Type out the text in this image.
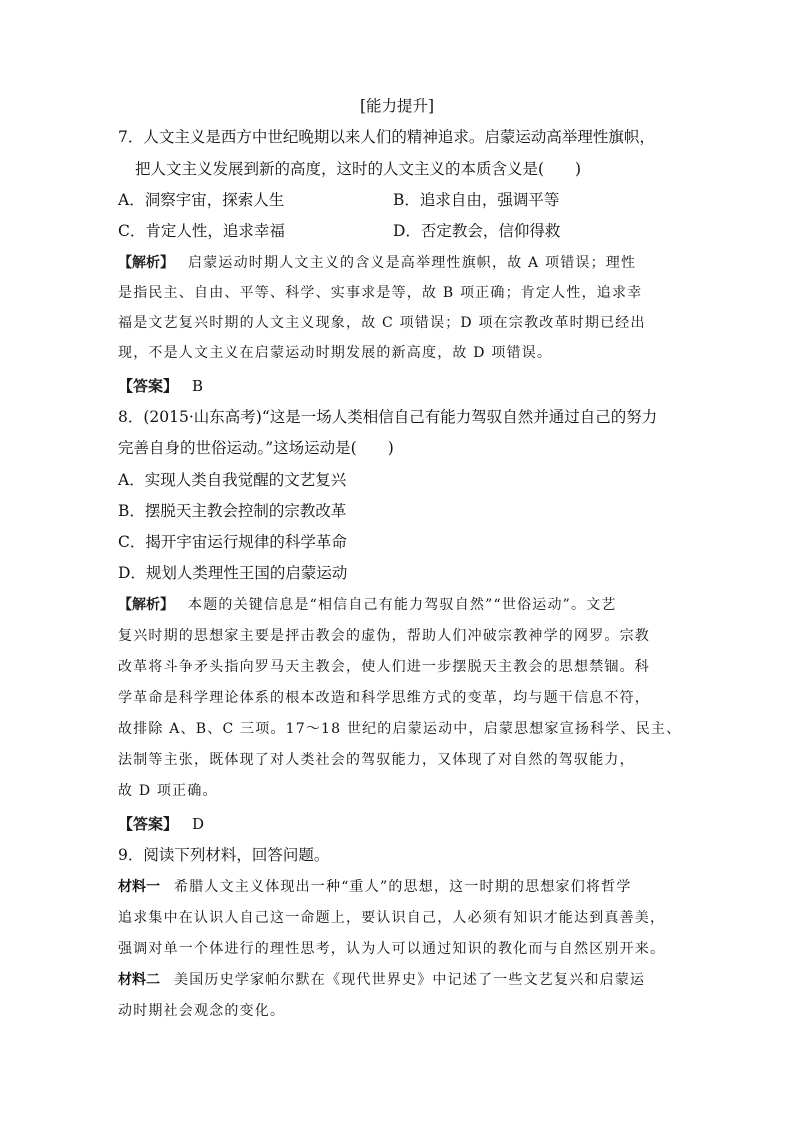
[能力提升]
7．人文主义是西方中世纪晚期以来人们的精神追求。启蒙运动高举理性旗帜，
把人文主义发展到新的高度，这时的人文主义的本质含义是(　　)
A．洞察宇宙，探索人生	B．追求自由，强调平等
C．肯定人性，追求幸福	D．否定教会，信仰得救
【解析】 启蒙运动时期人文主义的含义是高举理性旗帜，故 A 项错误；理性
是指民主、自由、平等、科学、实事求是等，故 B 项正确；肯定人性，追求幸
福是文艺复兴时期的人文主义现象，故 C 项错误；D 项在宗教改革时期已经出
现，不是人文主义在启蒙运动时期发展的新高度，故 D 项错误。
【答案】 B
8．(2015·山东高考)“这是一场人类相信自己有能力驾驭自然并通过自己的努力
完善自身的世俗运动。”这场运动是(　　)
A．实现人类自我觉醒的文艺复兴
B．摆脱天主教会控制的宗教改革
C．揭开宇宙运行规律的科学革命
D．规划人类理性王国的启蒙运动
【解析】 本题的关键信息是“相信自己有能力驾驭自然”“世俗运动”。文艺
复兴时期的思想家主要是抨击教会的虚伪，帮助人们冲破宗教神学的网罗。宗教
改革将斗争矛头指向罗马天主教会，使人们进一步摆脱天主教会的思想禁锢。科
学革命是科学理论体系的根本改造和科学思维方式的变革，均与题干信息不符，
故排除 A、B、C 三项。17～18 世纪的启蒙运动中，启蒙思想家宣扬科学、民主、
法制等主张，既体现了对人类社会的驾驭能力，又体现了对自然的驾驭能力，
故 D 项正确。
【答案】 D
9．阅读下列材料，回答问题。
材料一 希腊人文主义体现出一种“重人”的思想，这一时期的思想家们将哲学
追求集中在认识人自己这一命题上，要认识自己，人必须有知识才能达到真善美，
强调对单一个体进行的理性思考，认为人可以通过知识的教化而与自然区别开来。
材料二 美国历史学家帕尔默在《现代世界史》中记述了一些文艺复兴和启蒙运
动时期社会观念的变化。
